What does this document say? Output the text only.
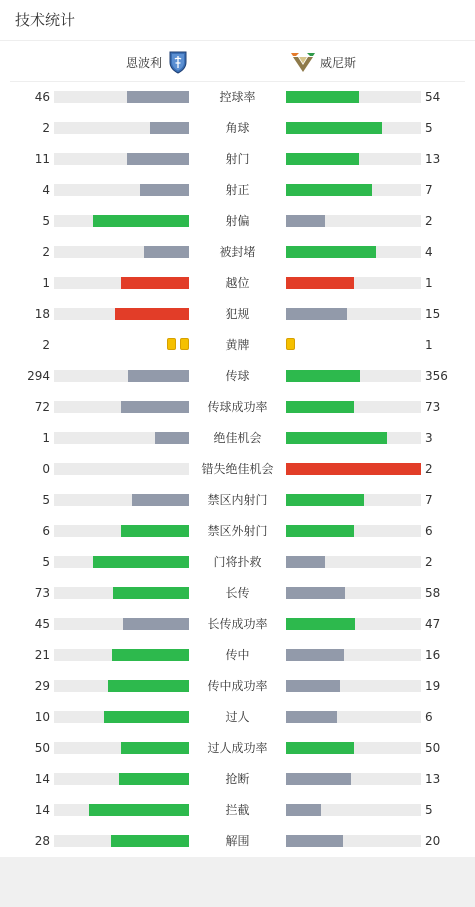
技术统计
恩波利	威尼斯
46	控球率	54
2	角球	5
11	射门	13
4	射正	7
5	射偏	2
2	被封堵	4
1	越位	1
18	犯规	15
2	黄牌	1
294	传球	356
72	传球成功率	73
1	绝佳机会	3
0	错失绝佳机会	2
5	禁区内射门	7
6	禁区外射门	6
5	门将扑救	2
73	长传	58
45	长传成功率	47
21	传中	16
29	传中成功率	19
10	过人	6
50	过人成功率	50
14	抢断	13
14	拦截	5
28	解围	20
